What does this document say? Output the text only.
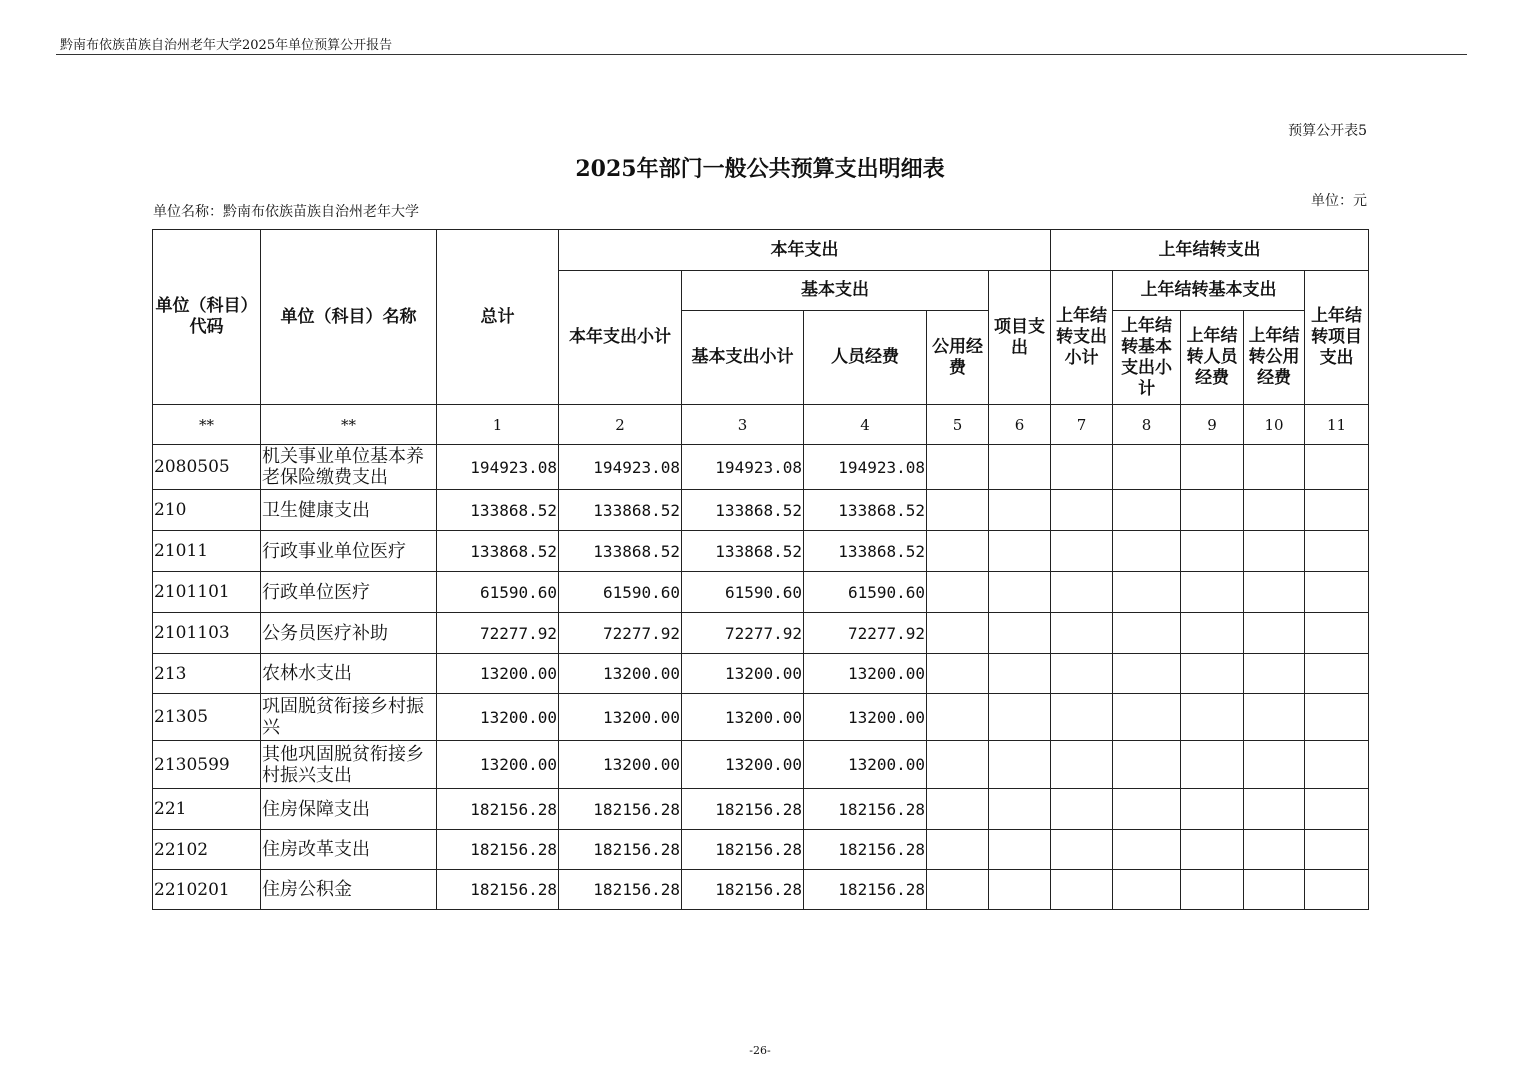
黔南布依族苗族自治州老年大学2025年单位预算公开报告
预算公开表5
2025年部门一般公共预算支出明细表
单位名称：黔南布依族苗族自治州老年大学
单位：元
单位（科目）代码	单位（科目）名称	总计	本年支出					上年结转支出				
			本年支出小计	基本支出			项目支出	上年结转支出小计	上年结转基本支出			上年结转项目支出
				基本支出小计	人员经费	公用经费			上年结转基本支出小计	上年结转人员经费	上年结转公用经费	
**	**	1	2	3	4	5	6	7	8	9	10	11
2080505	机关事业单位基本养老保险缴费支出	194923.08	194923.08	194923.08	194923.08							
210	卫生健康支出	133868.52	133868.52	133868.52	133868.52							
21011	行政事业单位医疗	133868.52	133868.52	133868.52	133868.52							
2101101	行政单位医疗	61590.60	61590.60	61590.60	61590.60							
2101103	公务员医疗补助	72277.92	72277.92	72277.92	72277.92							
213	农林水支出	13200.00	13200.00	13200.00	13200.00							
21305	巩固脱贫衔接乡村振兴	13200.00	13200.00	13200.00	13200.00							
2130599	其他巩固脱贫衔接乡村振兴支出	13200.00	13200.00	13200.00	13200.00							
221	住房保障支出	182156.28	182156.28	182156.28	182156.28							
22102	住房改革支出	182156.28	182156.28	182156.28	182156.28							
2210201	住房公积金	182156.28	182156.28	182156.28	182156.28							
-26-
